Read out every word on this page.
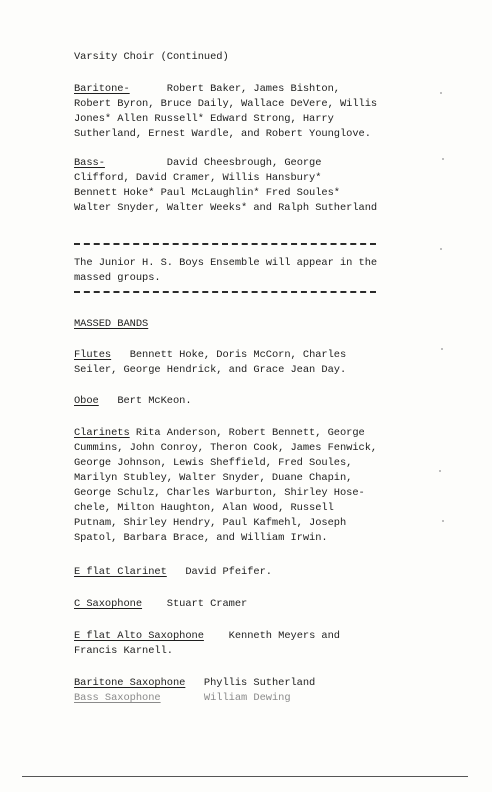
Varsity Choir (Continued)
Baritone-	Robert Baker, James Bishton,
Robert Byron, Bruce Daily, Wallace DeVere, Willis
Jones* Allen Russell* Edward Strong, Harry
Sutherland, Ernest Wardle, and Robert Younglove.
Bass-	David Cheesbrough, George
Clifford, David Cramer, Willis Hansbury*
Bennett Hoke* Paul McLaughlin* Fred Soules*
Walter Snyder, Walter Weeks* and Ralph Sutherland
The Junior H. S. Boys Ensemble will appear in the
massed groups.
MASSED BANDS
Flutes Bennett Hoke, Doris McCorn, Charles
Seiler, George Hendrick, and Grace Jean Day.
Oboe Bert McKeon.
Clarinets Rita Anderson, Robert Bennett, George
Cummins, John Conroy, Theron Cook, James Fenwick,
George Johnson, Lewis Sheffield, Fred Soules,
Marilyn Stubley, Walter Snyder, Duane Chapin,
George Schulz, Charles Warburton, Shirley Hose-
chele, Milton Haughton, Alan Wood, Russell
Putnam, Shirley Hendry, Paul Kafmehl, Joseph
Spatol, Barbara Brace, and William Irwin.
E flat Clarinet David Pfeifer.
C Saxophone Stuart Cramer
E flat Alto Saxophone Kenneth Meyers and
Francis Karnell.
Baritone Saxophone Phyllis Sutherland
Bass Saxophone	William Dewing
